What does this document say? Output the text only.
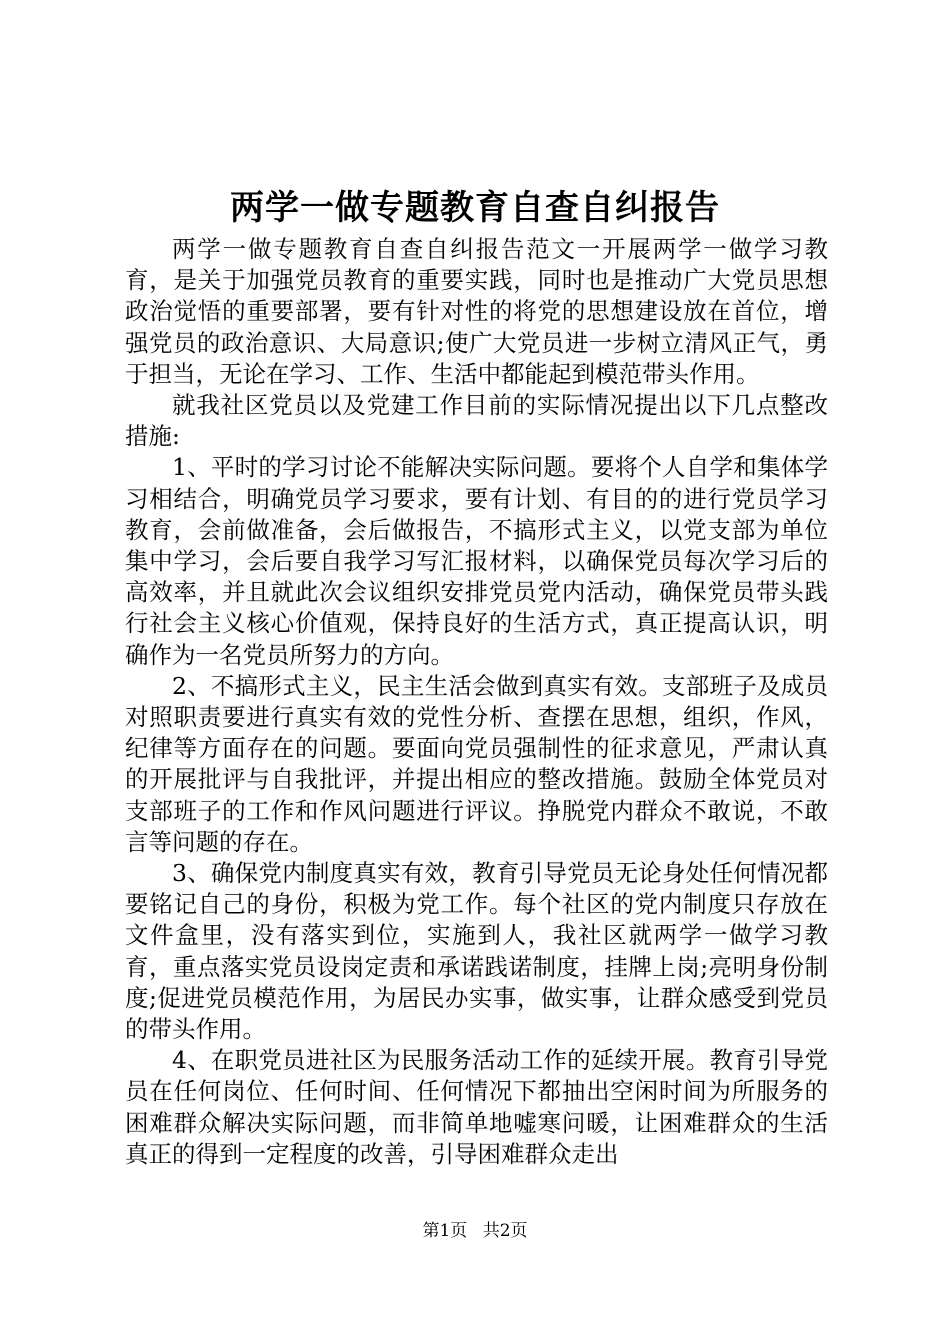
两学一做专题教育自查自纠报告

两学一做专题教育自查自纠报告范文一开展两学一做学习教育，是关于加强党员教育的重要实践，同时也是推动广大党员思想政治觉悟的重要部署，要有针对性的将党的思想建设放在首位，增强党员的政治意识、大局意识;使广大党员进一步树立清风正气，勇于担当，无论在学习、工作、生活中都能起到模范带头作用。

就我社区党员以及党建工作目前的实际情况提出以下几点整改措施:

1、平时的学习讨论不能解决实际问题。要将个人自学和集体学习相结合，明确党员学习要求，要有计划、有目的的进行党员学习教育，会前做准备，会后做报告，不搞形式主义，以党支部为单位集中学习，会后要自我学习写汇报材料，以确保党员每次学习后的高效率，并且就此次会议组织安排党员党内活动，确保党员带头践行社会主义核心价值观，保持良好的生活方式，真正提高认识，明确作为一名党员所努力的方向。

2、不搞形式主义，民主生活会做到真实有效。支部班子及成员对照职责要进行真实有效的党性分析、查摆在思想，组织，作风，纪律等方面存在的问题。要面向党员强制性的征求意见，严肃认真的开展批评与自我批评，并提出相应的整改措施。鼓励全体党员对支部班子的工作和作风问题进行评议。挣脱党内群众不敢说，不敢言等问题的存在。

3、确保党内制度真实有效，教育引导党员无论身处任何情况都要铭记自己的身份，积极为党工作。每个社区的党内制度只存放在文件盒里，没有落实到位，实施到人，我社区就两学一做学习教育，重点落实党员设岗定责和承诺践诺制度，挂牌上岗;亮明身份制度;促进党员模范作用，为居民办实事，做实事，让群众感受到党员的带头作用。

4、在职党员进社区为民服务活动工作的延续开展。教育引导党员在任何岗位、任何时间、任何情况下都抽出空闲时间为所服务的困难群众解决实际问题，而非简单地嘘寒问暖，让困难群众的生活真正的得到一定程度的改善，引导困难群众走出

第1页 共2页
